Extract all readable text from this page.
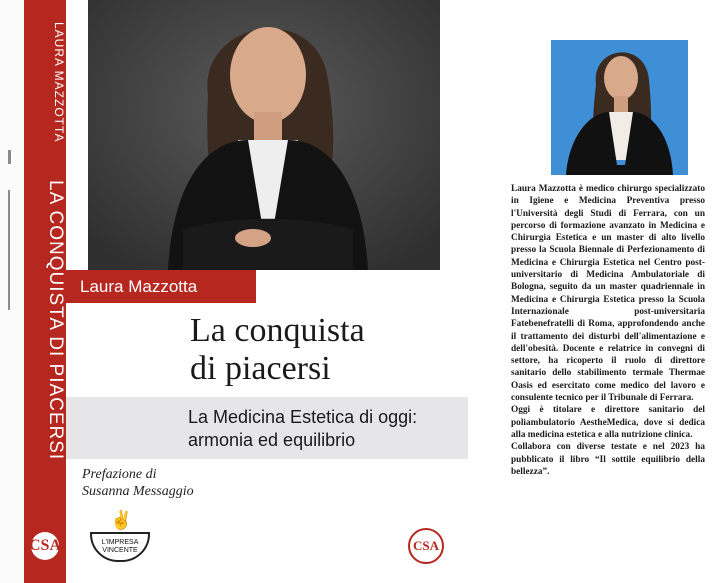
LAURA MAZZOTTA
LA CONQUISTA DI PIACERSI
CSA
Laura Mazzotta
La conquista
di piacersi
La Medicina Estetica di oggi:
armonia ed equilibrio
Prefazione di
Susanna Messaggio
✌
L'IMPRESA
VINCENTE	CSA

Laura Mazzotta è medico chirurgo specializzato in Igiene e Medicina Preventiva presso l'Università degli Studi di Ferrara, con un percorso di formazione avanzato in Medicina e Chirurgia Estetica e un master di alto livello presso la Scuola Biennale di Perfezionamento di Medicina e Chirurgia Estetica nel Centro post-universitario di Medicina Ambulatoriale di Bologna, seguito da un master quadriennale in Medicina e Chirurgia Estetica presso la Scuola Internazionale post-universitaria Fatebenefratelli di Roma, approfondendo anche il trattamento dei disturbi dell'alimentazione e dell'obesità. Docente e relatrice in convegni di settore, ha ricoperto il ruolo di direttore sanitario dello stabilimento termale Thermae Oasis ed esercitato come medico del lavoro e consulente tecnico per il Tribunale di Ferrara.

Oggi è titolare e direttore sanitario del poliambulatorio AestheMedica, dove si dedica alla medicina estetica e alla nutrizione clinica.

Collabora con diverse testate e nel 2023 ha pubblicato il libro “Il sottile equilibrio della bellezza”.
